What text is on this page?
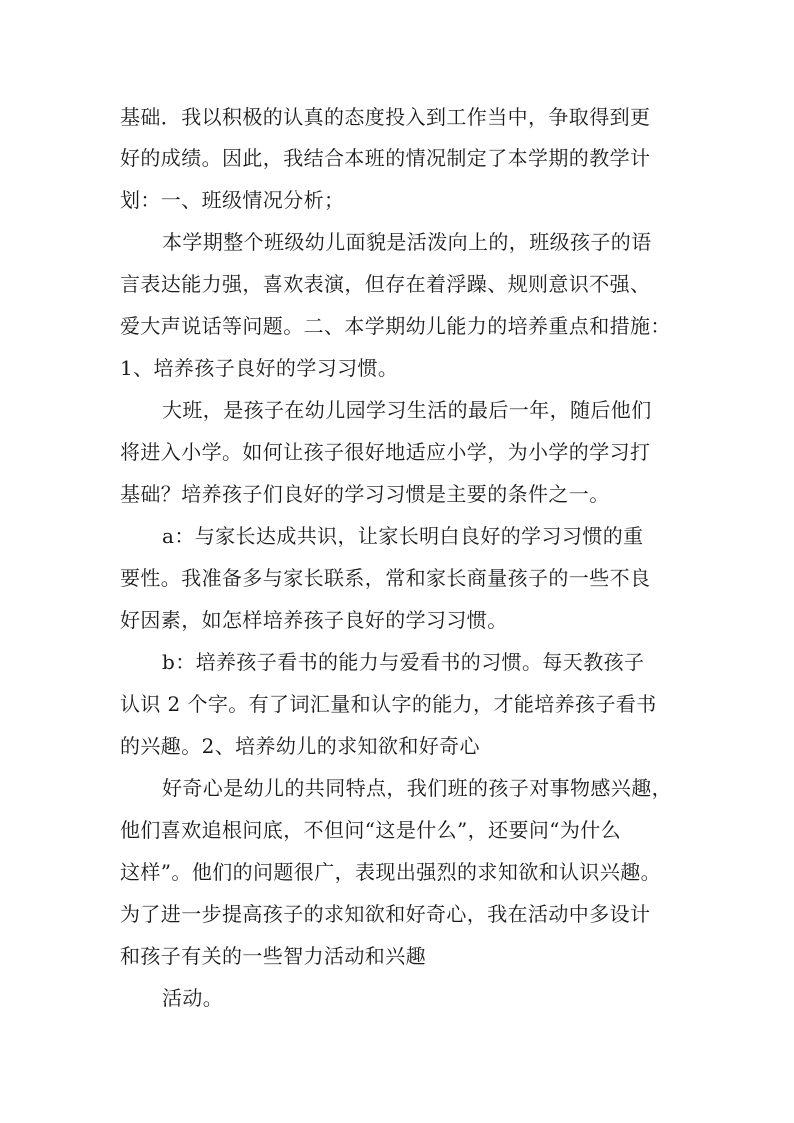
基础．我以积极的认真的态度投入到工作当中，争取得到更
好的成绩。因此，我结合本班的情况制定了本学期的教学计
划：一、班级情况分析；
本学期整个班级幼儿面貌是活泼向上的，班级孩子的语
言表达能力强，喜欢表演，但存在着浮躁、规则意识不强、
爱大声说话等问题。二、本学期幼儿能力的培养重点和措施：
1、培养孩子良好的学习习惯。
大班，是孩子在幼儿园学习生活的最后一年，随后他们
将进入小学。如何让孩子很好地适应小学，为小学的学习打
基础？培养孩子们良好的学习习惯是主要的条件之一。
a：与家长达成共识，让家长明白良好的学习习惯的重
要性。我准备多与家长联系，常和家长商量孩子的一些不良
好因素，如怎样培养孩子良好的学习习惯。
b：培养孩子看书的能力与爱看书的习惯。每天教孩子
认识 2 个字。有了词汇量和认字的能力，才能培养孩子看书
的兴趣。2、培养幼儿的求知欲和好奇心
好奇心是幼儿的共同特点，我们班的孩子对事物感兴趣，
他们喜欢追根问底，不但问“这是什么”，还要问“为什么
这样”。他们的问题很广，表现出强烈的求知欲和认识兴趣。
为了进一步提高孩子的求知欲和好奇心，我在活动中多设计
和孩子有关的一些智力活动和兴趣
活动。
